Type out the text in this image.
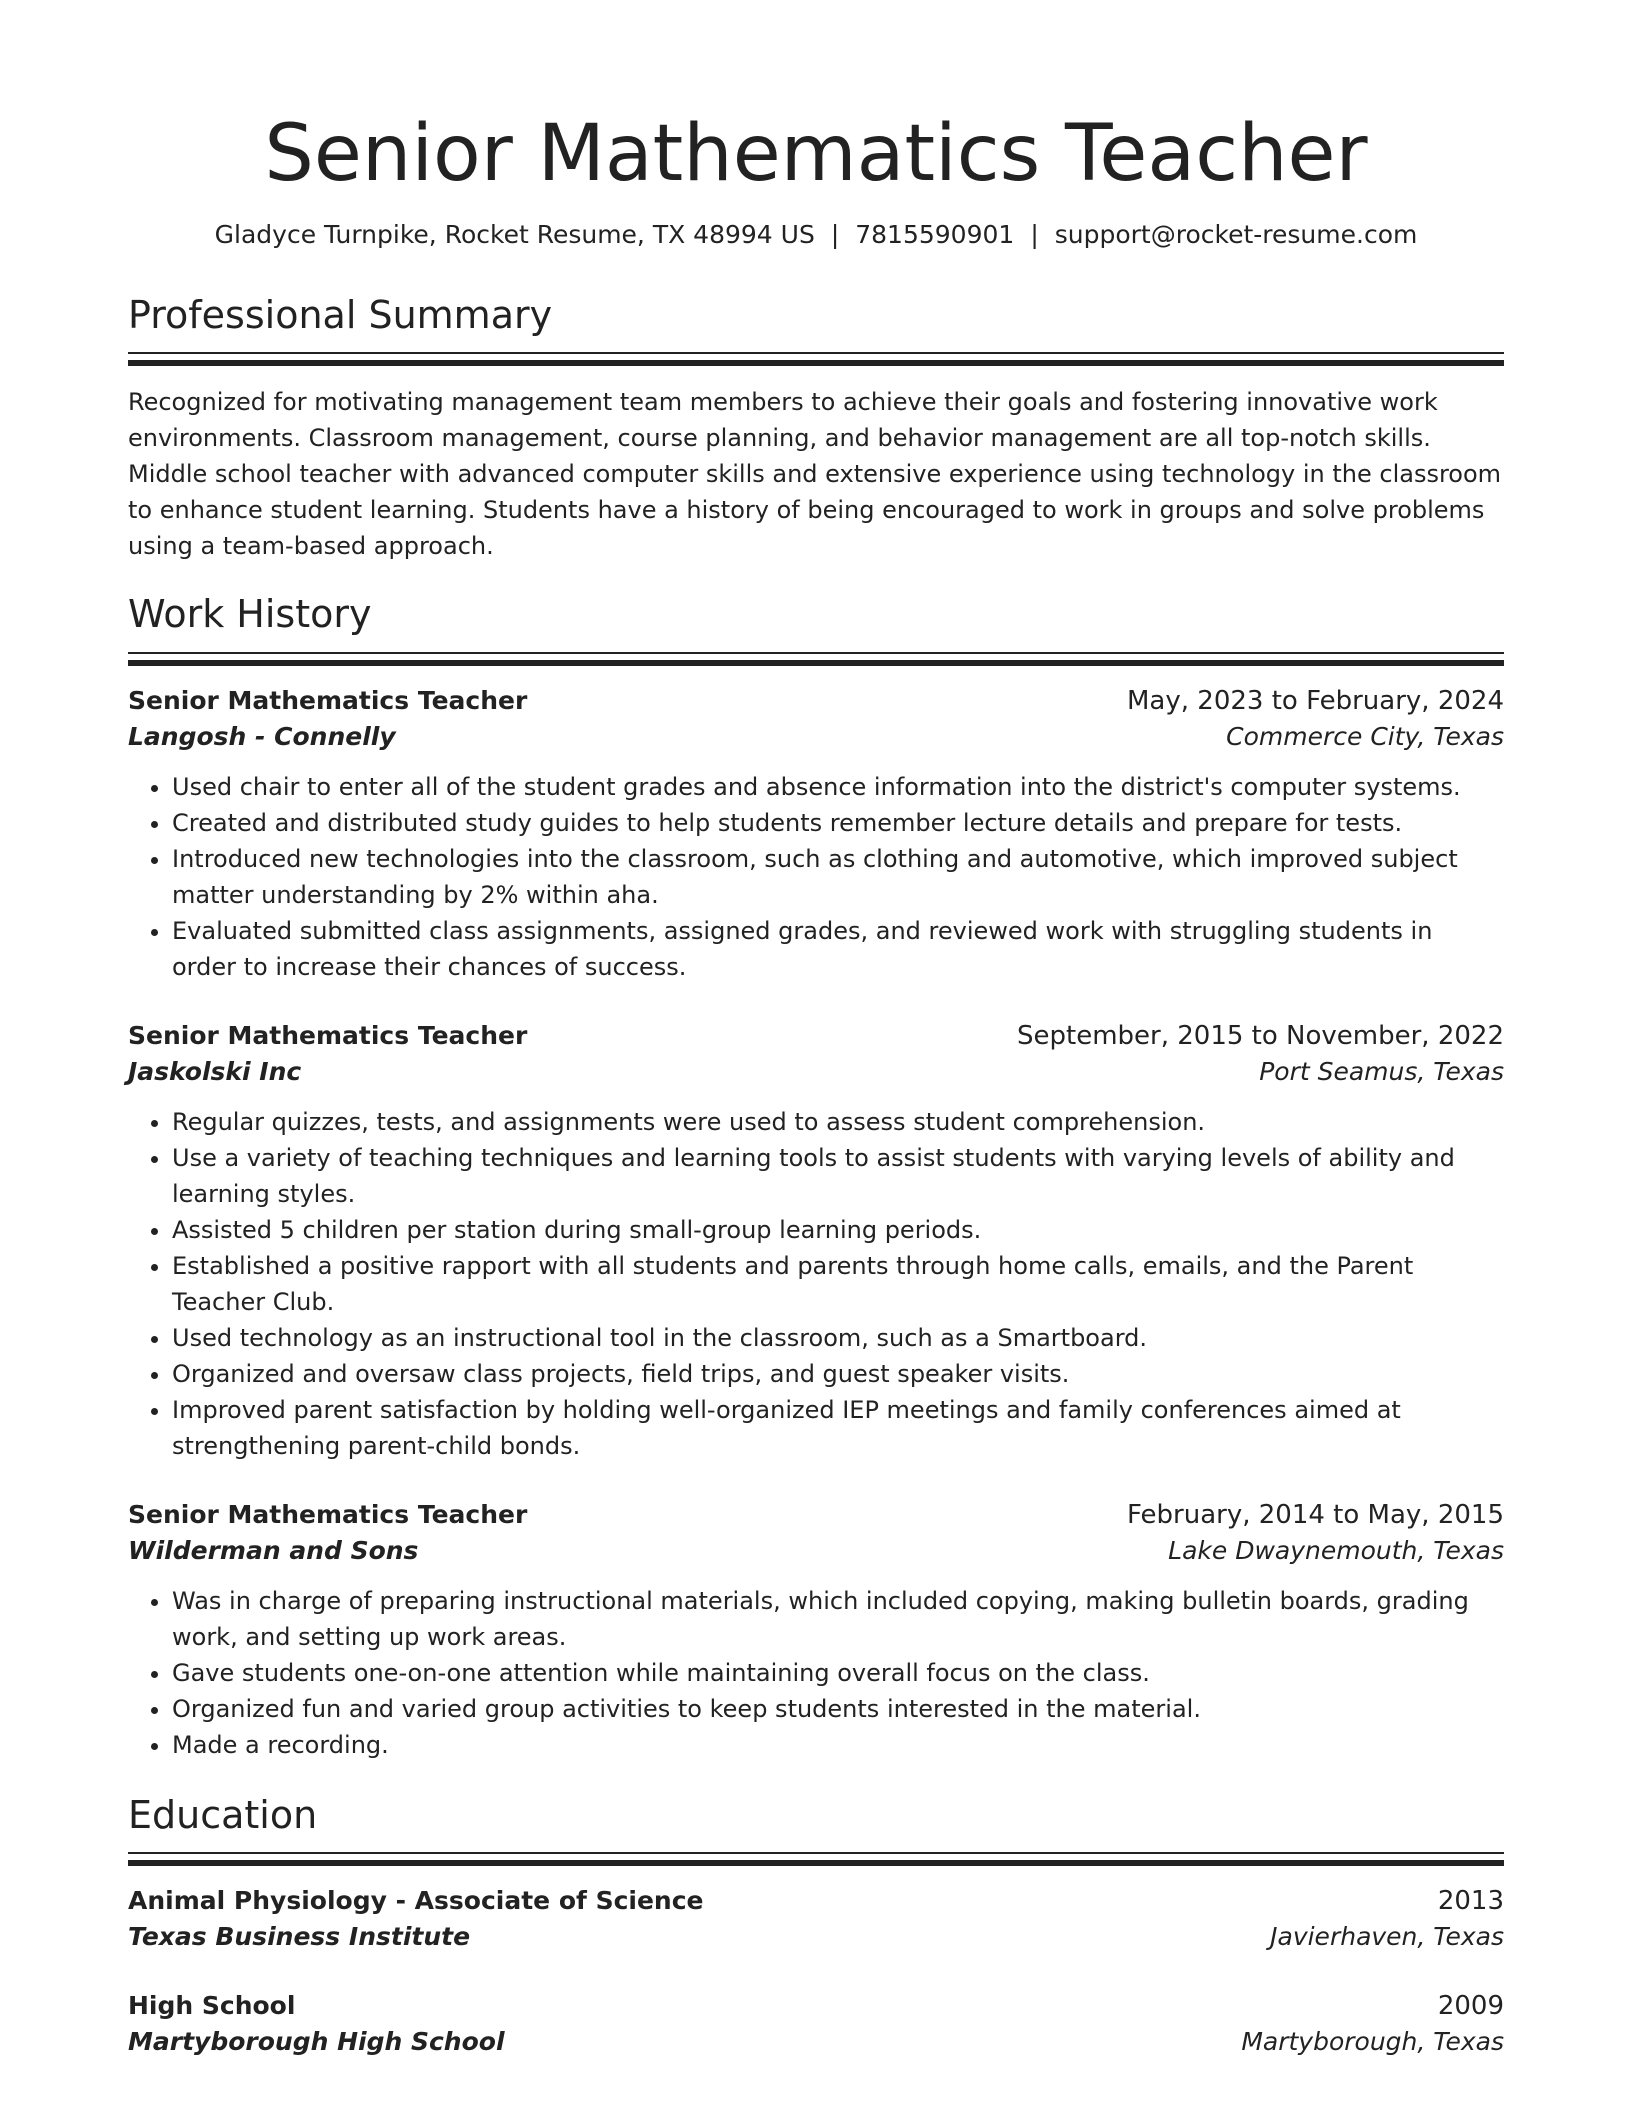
Senior Mathematics Teacher
Gladyce Turnpike, Rocket Resume, TX 48994 US | 7815590901 | support@rocket-resume.com
Professional Summary

Recognized for motivating management team members to achieve their goals and fostering innovative work environments. Classroom management, course planning, and behavior management are all top-notch skills. Middle school teacher with advanced computer skills and extensive experience using technology in the classroom to enhance student learning. Students have a history of being encouraged to work in groups and solve problems using a team-based approach.

Work History
Senior Mathematics Teacher	May, 2023 to February, 2024
Langosh - Connelly	Commerce City, Texas
• Used chair to enter all of the student grades and absence information into the district's computer systems.
• Created and distributed study guides to help students remember lecture details and prepare for tests.
• Introduced new technologies into the classroom, such as clothing and automotive, which improved subject matter understanding by 2% within aha.
• Evaluated submitted class assignments, assigned grades, and reviewed work with struggling students in order to increase their chances of success.
Senior Mathematics Teacher	September, 2015 to November, 2022
Jaskolski Inc	Port Seamus, Texas
• Regular quizzes, tests, and assignments were used to assess student comprehension.
• Use a variety of teaching techniques and learning tools to assist students with varying levels of ability and learning styles.
• Assisted 5 children per station during small-group learning periods.
• Established a positive rapport with all students and parents through home calls, emails, and the Parent Teacher Club.
• Used technology as an instructional tool in the classroom, such as a Smartboard.
• Organized and oversaw class projects, field trips, and guest speaker visits.
• Improved parent satisfaction by holding well-organized IEP meetings and family conferences aimed at strengthening parent-child bonds.
Senior Mathematics Teacher	February, 2014 to May, 2015
Wilderman and Sons	Lake Dwaynemouth, Texas
• Was in charge of preparing instructional materials, which included copying, making bulletin boards, grading work, and setting up work areas.
• Gave students one-on-one attention while maintaining overall focus on the class.
• Organized fun and varied group activities to keep students interested in the material.
• Made a recording.
Education
Animal Physiology - Associate of Science	2013
Texas Business Institute	Javierhaven, Texas
High School	2009
Martyborough High School	Martyborough, Texas
